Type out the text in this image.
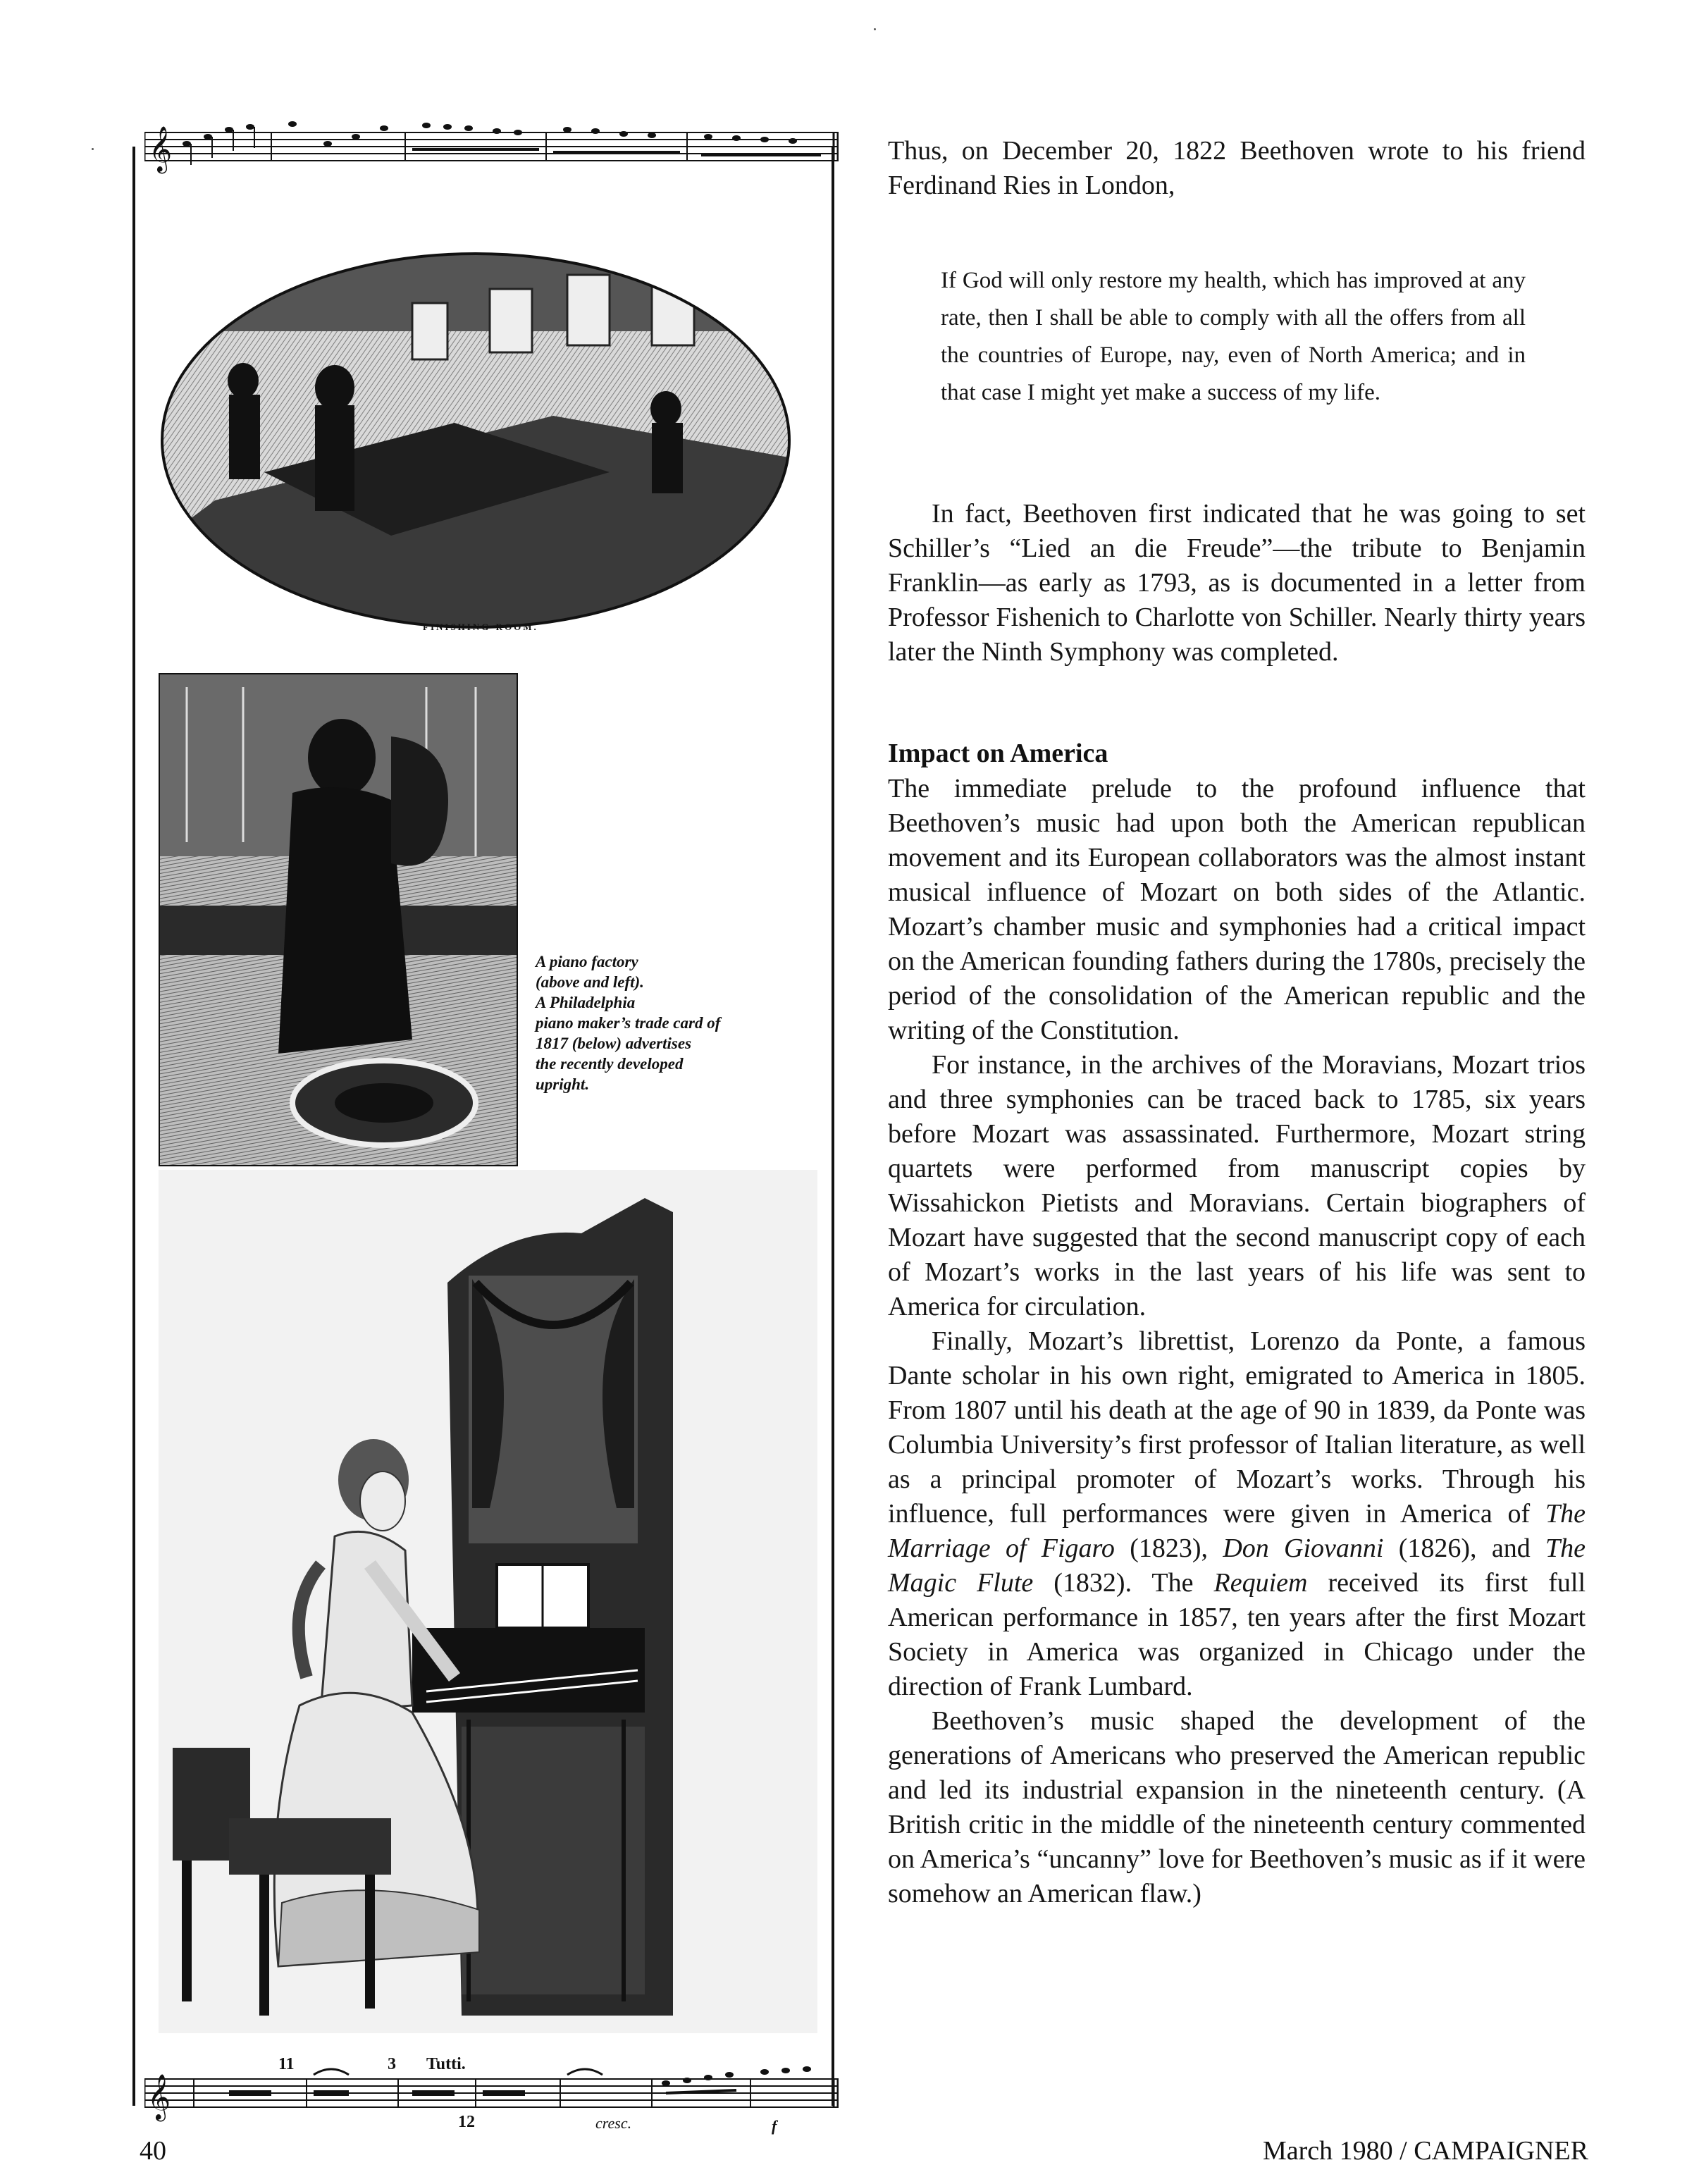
𝄞
FINISHING-ROOM.
A piano factory
(above and left).
A Philadelphia
piano maker’s trade card of
1817 (below) advertises
the recently developed
upright.
𝄞
11	3 Tutti.
12	cresc.	f

Thus, on December 20, 1822 Beethoven wrote to his friend Ferdinand Ries in London,

If God will only restore my health, which has improved at any rate, then I shall be able to comply with all the offers from all the countries of Europe, nay, even of North America; and in that case I might yet make a success of my life.

In fact, Beethoven first indicated that he was going to set Schiller’s “Lied an die Freude”—the tribute to Benjamin Franklin—as early as 1793, as is documented in a letter from Professor Fishenich to Charlotte von Schiller. Nearly thirty years later the Ninth Symphony was completed.

Impact on America

The immediate prelude to the profound influence that Beethoven’s music had upon both the American republican movement and its European collaborators was the almost instant musical influence of Mozart on both sides of the Atlantic. Mozart’s chamber music and symphonies had a critical impact on the American founding fathers during the 1780s, precisely the period of the consolidation of the American republic and the writing of the Constitution.

For instance, in the archives of the Moravians, Mozart trios and three symphonies can be traced back to 1785, six years before Mozart was assassinated. Furthermore, Mozart string quartets were performed from manuscript copies by Wissahickon Pietists and Moravians. Certain biographers of Mozart have suggested that the second manuscript copy of each of Mozart’s works in the last years of his life was sent to America for circulation.

Finally, Mozart’s librettist, Lorenzo da Ponte, a famous Dante scholar in his own right, emigrated to America in 1805. From 1807 until his death at the age of 90 in 1839, da Ponte was Columbia University’s first professor of Italian literature, as well as a principal promoter of Mozart’s works. Through his influence, full performances were given in America of The Marriage of Figaro (1823), Don Giovanni (1826), and The Magic Flute (1832). The Requiem received its first full American performance in 1857, ten years after the first Mozart Society in America was organized in Chicago under the direction of Frank Lumbard.

Beethoven’s music shaped the development of the generations of Americans who preserved the American republic and led its industrial expansion in the nineteenth century. (A British critic in the middle of the nineteenth century commented on America’s “uncanny” love for Beethoven’s music as if it were somehow an American flaw.)

40	March 1980 / CAMPAIGNER
